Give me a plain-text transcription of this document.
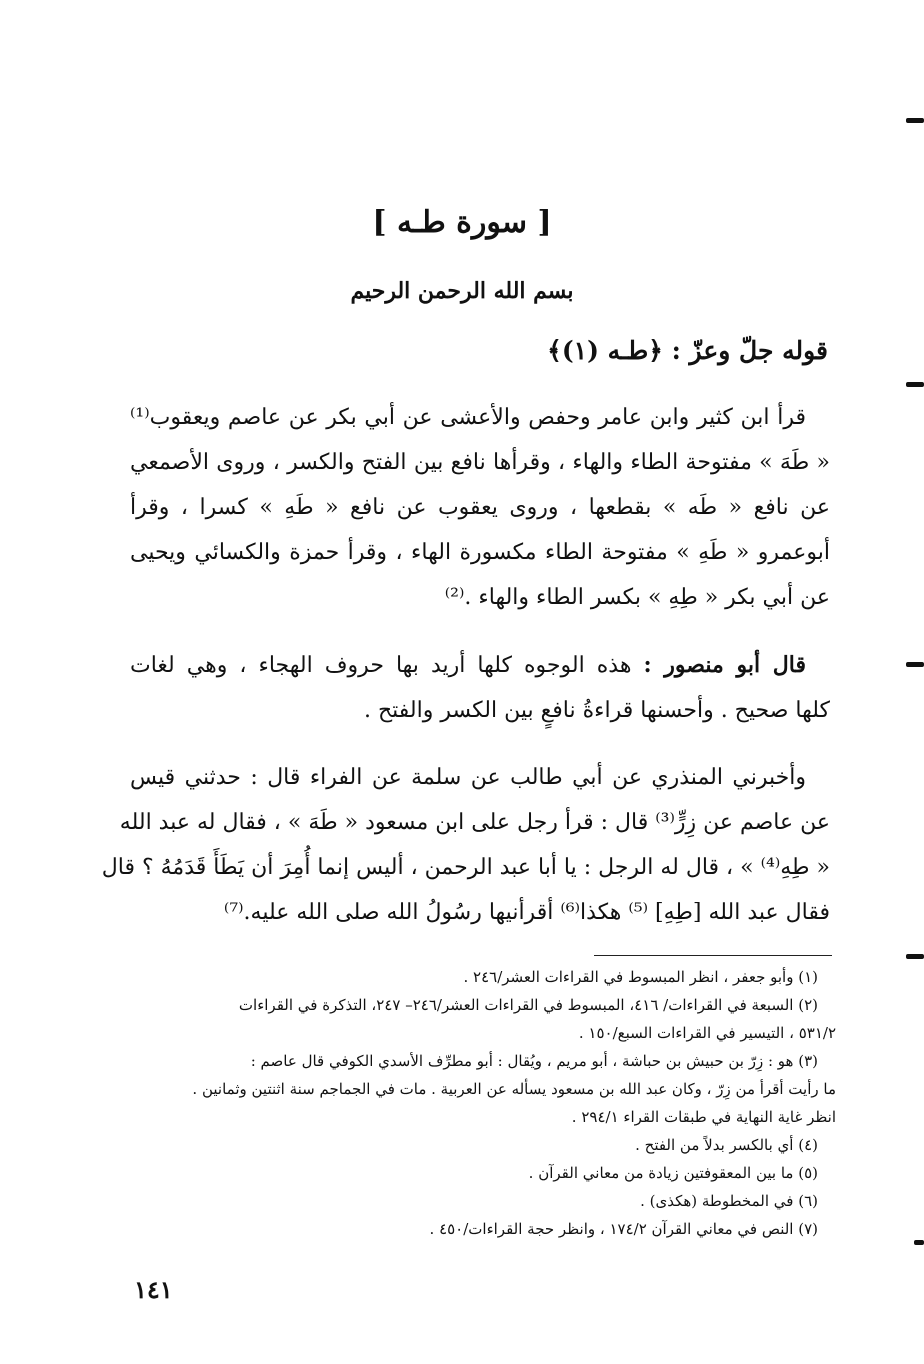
[ سورة طـه ]
بسم الله الرحمن الرحيم
قوله جلّ وعزّ : ﴿طـه (١)﴾
قرأ ابن كثير وابن عامر وحفص والأعشى عن أبي بكر عن عاصم ويعقوب⁽¹⁾
« طَهَ » مفتوحة الطاء والهاء ، وقرأها نافع بين الفتح والكسر ، وروى الأصمعي
عن نافع « طَه » بقطعها ، وروى يعقوب عن نافع « طَهِ » كسرا ، وقرأ
أبوعمرو « طَهِ » مفتوحة الطاء مكسورة الهاء ، وقرأ حمزة والكسائي ويحيى
عن أبي بكر « طِهِ » بكسر الطاء والهاء .⁽²⁾
قال أبو منصور : هذه الوجوه كلها أريد بها حروف الهجاء ، وهي لغات
كلها صحيح . وأحسنها قراءةُ نافعٍ بين الكسر والفتح .
وأخبرني المنذري عن أبي طالب عن سلمة عن الفراء قال : حدثني قيس
عن عاصم عن زِرٍّ⁽³⁾ قال : قرأ رجل على ابن مسعود « طَهَ » ، فقال له عبد الله
« طِهِ⁽⁴⁾ » ، قال له الرجل : يا أبا عبد الرحمن ، أليس إنما أُمِرَ أن يَطَأَ قَدَمُهُ ؟ قال
فقال عبد الله [طِهِ] ⁽⁵⁾ هكذا⁽⁶⁾ أقرأنيها رسُولُ الله صلى الله عليه.⁽⁷⁾
(١) وأبو جعفر ، انظر المبسوط في القراءات العشر/٢٤٦ .
(٢) السبعة في القراءات/ ٤١٦، المبسوط في القراءات العشر/٢٤٦– ٢٤٧، التذكرة في القراءات
٥٣١/٢ ، التيسير في القراءات السبع/١٥٠ .
(٣) هو : زِرّ بن حبيش بن حباشة ، أبو مريم ، ويُقال : أبو مطرِّف الأسدي الكوفي قال عاصم :
ما رأيت أقرأ من زِرّ ، وكان عبد الله بن مسعود يسأله عن العربية . مات في الجماجم سنة اثنتين وثمانين .
انظر غاية النهاية في طبقات القراء ٢٩٤/١ .
(٤) أي بالكسر بدلاً من الفتح .
(٥) ما بين المعقوفتين زيادة من معاني القرآن .
(٦) في المخطوطة (هكذى) .
(٧) النص في معاني القرآن ١٧٤/٢ ، وانظر حجة القراءات/٤٥٠ .
١٤١
